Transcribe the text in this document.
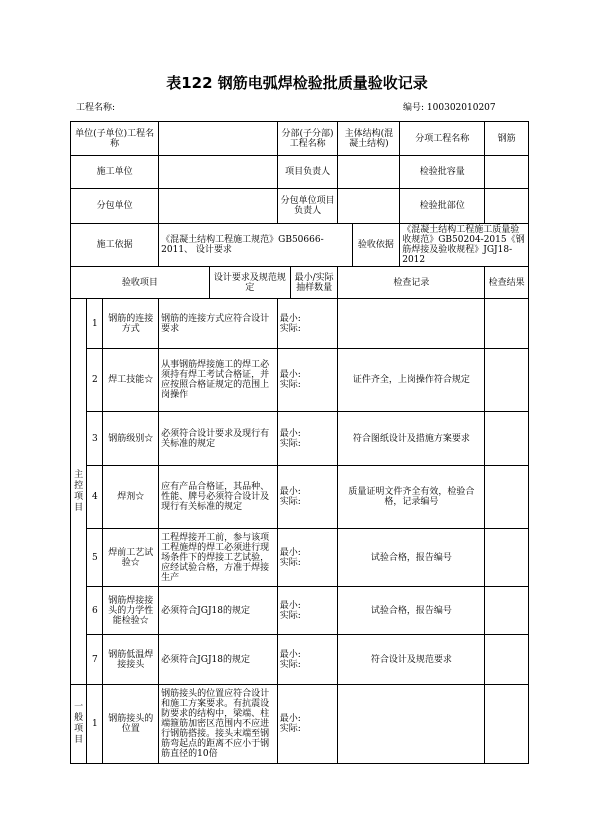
表122 钢筋电弧焊检验批质量验收记录
工程名称:	编号: 100302010207
单位(子单位)工程名称					分部(子分部)工程名称		主体结构(混凝土结构)		分项工程名称	钢筋
施工单位					项目负责人				检验批容量	
分包单位					分包单位项目负责人				检验批部位	
施工依据			《混凝土结构工程施工规范》GB50666-2011、 设计要求					验收依据	《混凝土结构工程施工质量验收规范》GB50204-2015《钢筋焊接及验收规程》JGJ18-2012	
验收项目				设计要求及规范规定		最小/实际抽样数量	检查记录			检查结果
主控项目	1	钢筋的连接方式	钢筋的连接方式应符合设计要求		最小:
实际:					

	2	焊工技能☆	从事钢筋焊接施工的焊工必须持有焊工考试合格证，并应按照合格证规定的范围上岗操作		最小:
实际:		证件齐全，上岗操作符合规定			
	3	钢筋级别☆	必须符合设计要求及现行有关标准的规定		最小:
实际:		符合图纸设计及措施方案要求			
	4	焊剂☆	应有产品合格证，其品种、性能、牌号必须符合设计及现行有关标准的规定		最小:
实际:		质量证明文件齐全有效，检验合格，记录编号			
	5	焊前工艺试验☆	工程焊接开工前，参与该项工程施焊的焊工必须进行现场条件下的焊接工艺试验，应经试验合格，方准于焊接生产		最小:
实际:		试验合格，报告编号			
	6	钢筋焊接接头的力学性能检验☆	必须符合JGJ18的规定		最小:
实际:		试验合格，报告编号			
	7	钢筋低温焊接接头	必须符合JGJ18的规定		最小:
实际:		符合设计及规范要求			
一般项目	1	钢筋接头的位置	钢筋接头的位置应符合设计和施工方案要求。有抗震设防要求的结构中，梁端、柱端箍筋加密区范围内不应进行钢筋搭接。接头末端至钢筋弯起点的距离不应小于钢筋直径的10倍		最小:
实际:					
